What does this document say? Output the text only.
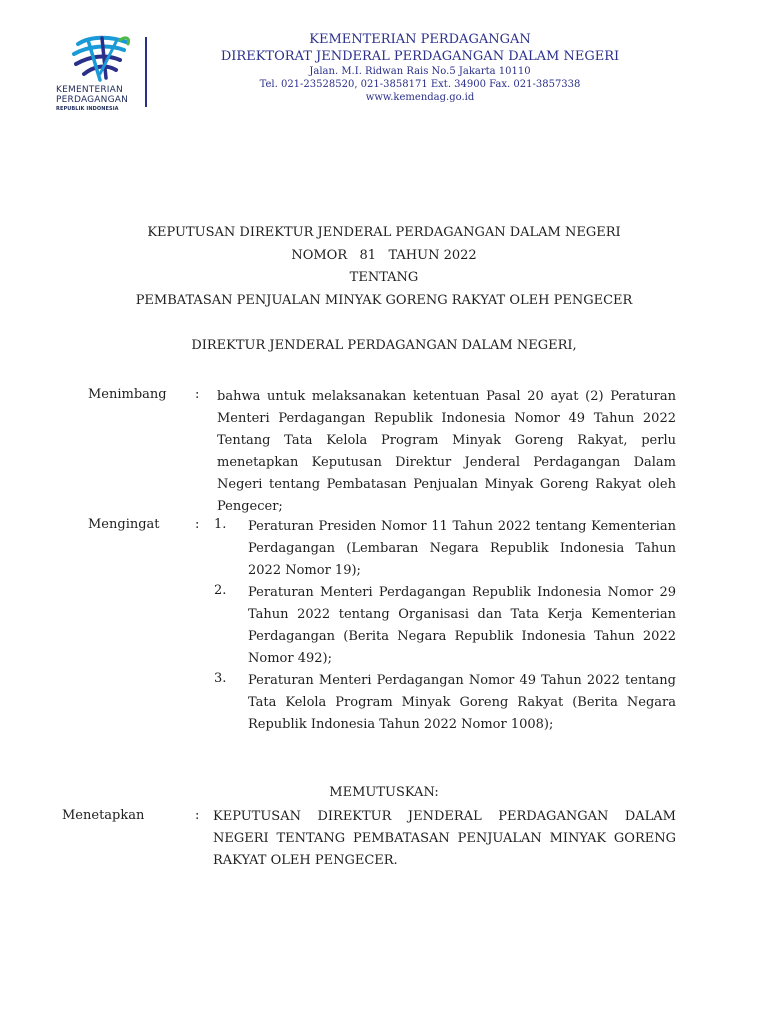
KEMENTERIAN
PERDAGANGAN
REPUBLIK INDONESIA
KEMENTERIAN PERDAGANGAN
DIREKTORAT JENDERAL PERDAGANGAN DALAM NEGERI
Jalan. M.I. Ridwan Rais No.5 Jakarta 10110
Tel. 021-23528520, 021-3858171 Ext. 34900 Fax. 021-3857338
www.kemendag.go.id
KEPUTUSAN DIREKTUR JENDERAL PERDAGANGAN DALAM NEGERI
NOMOR   81   TAHUN 2022
TENTANG
PEMBATASAN PENJUALAN MINYAK GORENG RAKYAT OLEH PENGECER
DIREKTUR JENDERAL PERDAGANGAN DALAM NEGERI,
Menimbang : bahwa untuk melaksanakan ketentuan Pasal 20 ayat (2) Peraturan Menteri Perdagangan Republik Indonesia Nomor 49 Tahun 2022 Tentang Tata Kelola Program Minyak Goreng Rakyat, perlu menetapkan Keputusan Direktur Jenderal Perdagangan Dalam Negeri tentang Pembatasan Penjualan Minyak Goreng Rakyat oleh Pengecer;
Mengingat	: 1. Peraturan Presiden Nomor 11 Tahun 2022 tentang Kementerian Perdagangan (Lembaran Negara Republik Indonesia Tahun 2022 Nomor 19);
2. Peraturan Menteri Perdagangan Republik Indonesia Nomor 29 Tahun 2022 tentang Organisasi dan Tata Kerja Kementerian Perdagangan (Berita Negara Republik Indonesia Tahun 2022 Nomor 492);
3. Peraturan Menteri Perdagangan Nomor 49 Tahun 2022 tentang Tata Kelola Program Minyak Goreng Rakyat (Berita Negara Republik Indonesia Tahun 2022 Nomor 1008);
MEMUTUSKAN:
Menetapkan	: KEPUTUSAN DIREKTUR JENDERAL PERDAGANGAN DALAM NEGERI TENTANG PEMBATASAN PENJUALAN MINYAK GORENG RAKYAT OLEH PENGECER.
